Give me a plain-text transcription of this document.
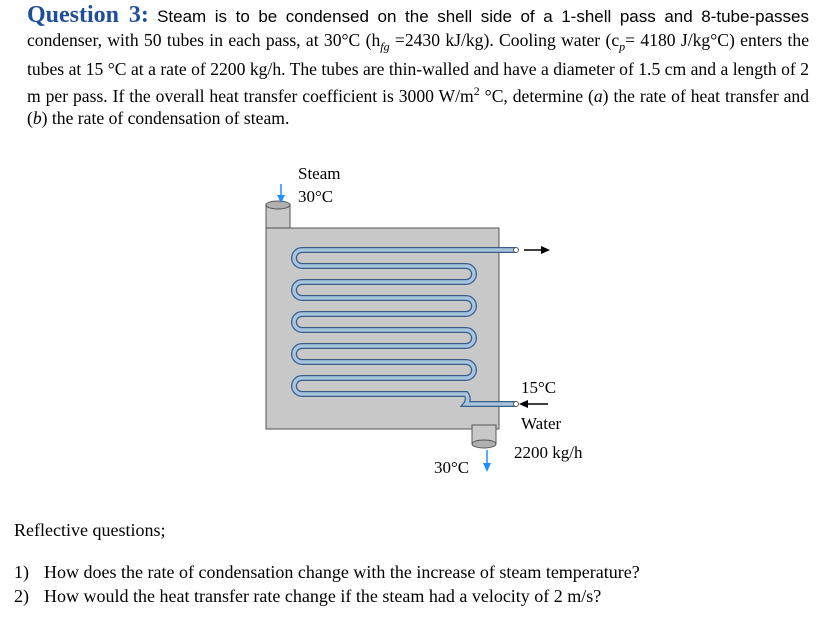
Question 3: Steam is to be condensed on the shell side of a 1-shell pass and 8-tube-passes condenser, with 50 tubes in each pass, at 30°C ($h_{fg} =2430$ kJ/kg). Cooling water ($c_p= 4180$ J/kg°C) enters the tubes at 15 °C at a rate of 2200 kg/h. The tubes are thin-walled and have a diameter of 1.5 cm and a length of 2 m per pass. If the overall heat transfer coefficient is 3000 $W/m^2$ °C, determine (a) the rate of heat transfer and (b) the rate of condensation of steam.
Steam
30°C
30°C
15°C
Water
2200 kg/h
Reflective questions;
1) How does the rate of condensation change with the increase of steam temperature?
2) How would the heat transfer rate change if the steam had a velocity of 2 m/s?
